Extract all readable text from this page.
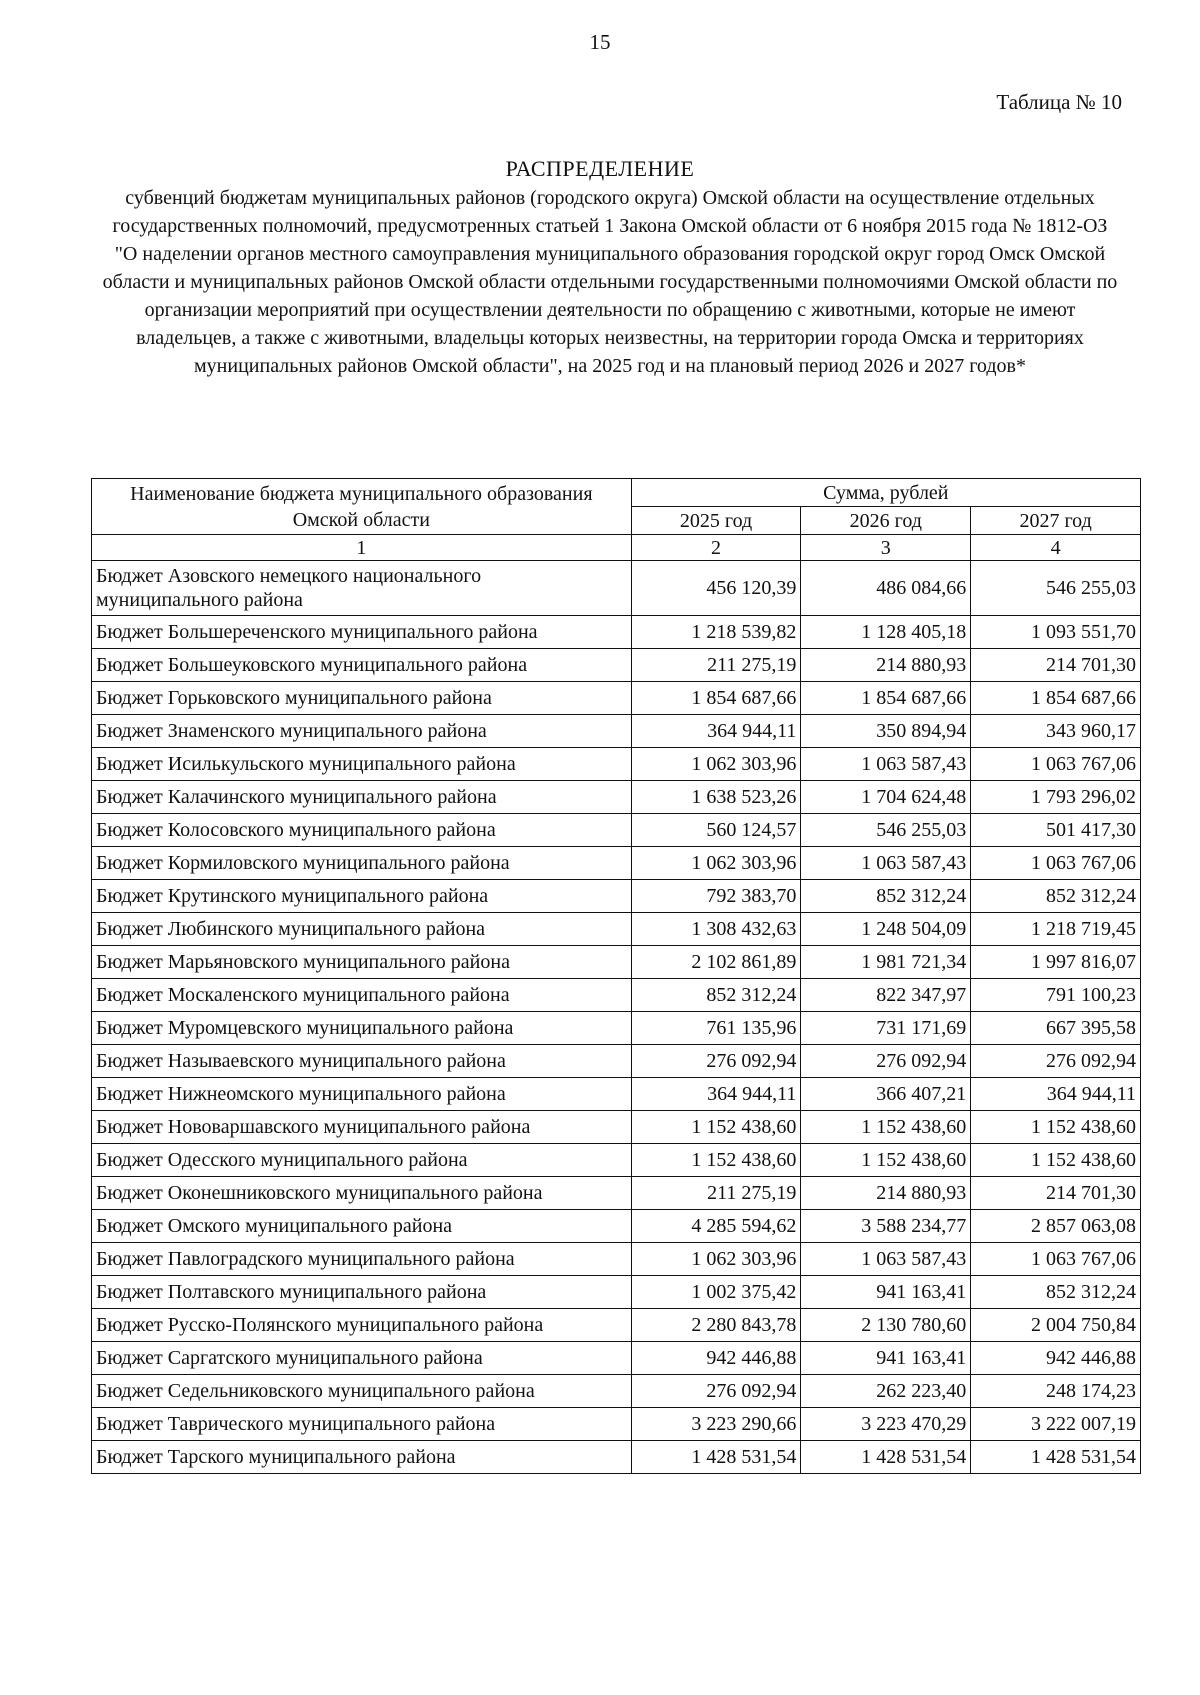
15
Таблица № 10
РАСПРЕДЕЛЕНИЕ
субвенций бюджетам муниципальных районов (городского округа) Омской области на осуществление отдельных государственных полномочий, предусмотренных статьей 1 Закона Омской области от 6 ноября 2015 года № 1812-ОЗ "О наделении органов местного самоуправления муниципального образования городской округ город Омск Омской области и муниципальных районов Омской области отдельными государственными полномочиями Омской области по организации мероприятий при осуществлении деятельности по обращению с животными, которые не имеют владельцев, а также с животными, владельцы которых неизвестны, на территории города Омска и территориях муниципальных районов Омской области", на 2025 год и на плановый период 2026 и 2027 годов*
Наименование бюджета муниципального образования Омской области	Сумма, рублей		
	2025 год	2026 год	2027 год
1	2	3	4
Бюджет Азовского немецкого национального муниципального района	456 120,39	486 084,66	546 255,03
Бюджет Большереченского муниципального района	1 218 539,82	1 128 405,18	1 093 551,70
Бюджет Большеуковского муниципального района	211 275,19	214 880,93	214 701,30
Бюджет Горьковского муниципального района	1 854 687,66	1 854 687,66	1 854 687,66
Бюджет Знаменского муниципального района	364 944,11	350 894,94	343 960,17
Бюджет Исилькульского муниципального района	1 062 303,96	1 063 587,43	1 063 767,06
Бюджет Калачинского муниципального района	1 638 523,26	1 704 624,48	1 793 296,02
Бюджет Колосовского муниципального района	560 124,57	546 255,03	501 417,30
Бюджет Кормиловского муниципального района	1 062 303,96	1 063 587,43	1 063 767,06
Бюджет Крутинского муниципального района	792 383,70	852 312,24	852 312,24
Бюджет Любинского муниципального района	1 308 432,63	1 248 504,09	1 218 719,45
Бюджет Марьяновского муниципального района	2 102 861,89	1 981 721,34	1 997 816,07
Бюджет Москаленского муниципального района	852 312,24	822 347,97	791 100,23
Бюджет Муромцевского муниципального района	761 135,96	731 171,69	667 395,58
Бюджет Называевского муниципального района	276 092,94	276 092,94	276 092,94
Бюджет Нижнеомского муниципального района	364 944,11	366 407,21	364 944,11
Бюджет Нововаршавского муниципального района	1 152 438,60	1 152 438,60	1 152 438,60
Бюджет Одесского муниципального района	1 152 438,60	1 152 438,60	1 152 438,60
Бюджет Оконешниковского муниципального района	211 275,19	214 880,93	214 701,30
Бюджет Омского муниципального района	4 285 594,62	3 588 234,77	2 857 063,08
Бюджет Павлоградского муниципального района	1 062 303,96	1 063 587,43	1 063 767,06
Бюджет Полтавского муниципального района	1 002 375,42	941 163,41	852 312,24
Бюджет Русско-Полянского муниципального района	2 280 843,78	2 130 780,60	2 004 750,84
Бюджет Саргатского муниципального района	942 446,88	941 163,41	942 446,88
Бюджет Седельниковского муниципального района	276 092,94	262 223,40	248 174,23
Бюджет Таврического муниципального района	3 223 290,66	3 223 470,29	3 222 007,19
Бюджет Тарского муниципального района	1 428 531,54	1 428 531,54	1 428 531,54
